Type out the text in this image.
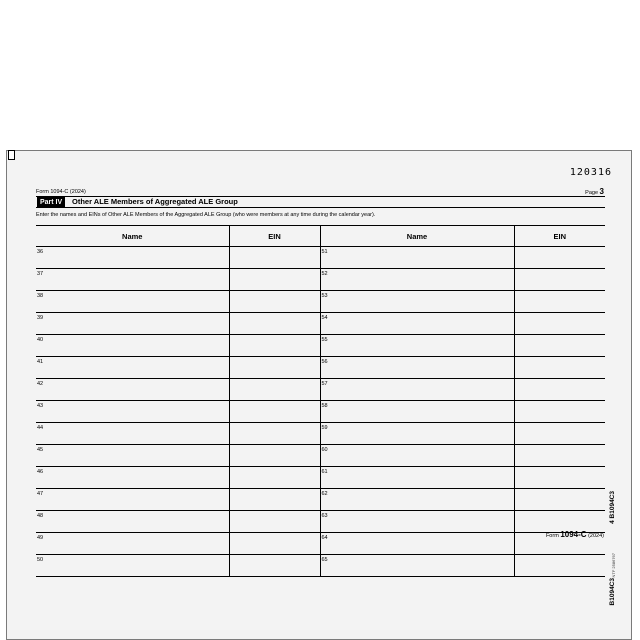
120316
Form 1094-C (2024)	Page 3
Part IV	Other ALE Members of Aggregated ALE Group
Enter the names and EINs of Other ALE Members of the Aggregated ALE Group (who were members at any time during the calendar year).
Name	EIN	Name	EIN
36		51	
37		52	
38		53	
39		54	
40		55	
41		56	
42		57	
43		58	
44		59	
45		60	
46		61	
47		62	
48		63	
49		64	
50		65	
Form 1094-C (2024)
4 B1094C3
NTF 2586767
B1094C3
